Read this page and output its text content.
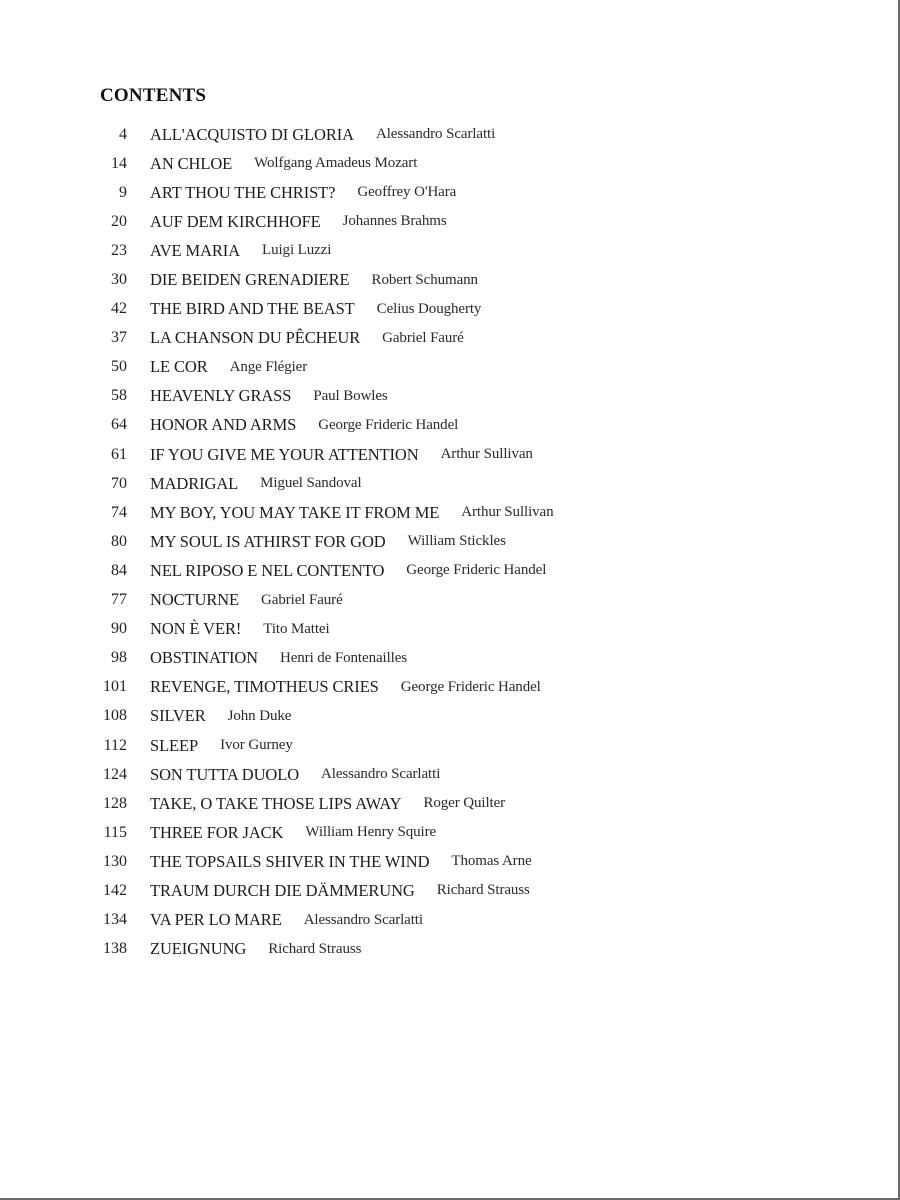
CONTENTS
4 ALL'ACQUISTO DI GLORIA Alessandro Scarlatti
14 AN CHLOE Wolfgang Amadeus Mozart
9 ART THOU THE CHRIST? Geoffrey O'Hara
20 AUF DEM KIRCHHOFE Johannes Brahms
23 AVE MARIA Luigi Luzzi
30 DIE BEIDEN GRENADIERE Robert Schumann
42 THE BIRD AND THE BEAST Celius Dougherty
37 LA CHANSON DU PÊCHEUR Gabriel Fauré
50 LE COR Ange Flégier
58 HEAVENLY GRASS Paul Bowles
64 HONOR AND ARMS George Frideric Handel
61 IF YOU GIVE ME YOUR ATTENTION Arthur Sullivan
70 MADRIGAL Miguel Sandoval
74 MY BOY, YOU MAY TAKE IT FROM ME Arthur Sullivan
80 MY SOUL IS ATHIRST FOR GOD William Stickles
84 NEL RIPOSO E NEL CONTENTO George Frideric Handel
77 NOCTURNE Gabriel Fauré
90 NON È VER! Tito Mattei
98 OBSTINATION Henri de Fontenailles
101 REVENGE, TIMOTHEUS CRIES George Frideric Handel
108 SILVER John Duke
112 SLEEP Ivor Gurney
124 SON TUTTA DUOLO Alessandro Scarlatti
128 TAKE, O TAKE THOSE LIPS AWAY Roger Quilter
115 THREE FOR JACK William Henry Squire
130 THE TOPSAILS SHIVER IN THE WIND Thomas Arne
142 TRAUM DURCH DIE DÄMMERUNG Richard Strauss
134 VA PER LO MARE Alessandro Scarlatti
138 ZUEIGNUNG Richard Strauss
